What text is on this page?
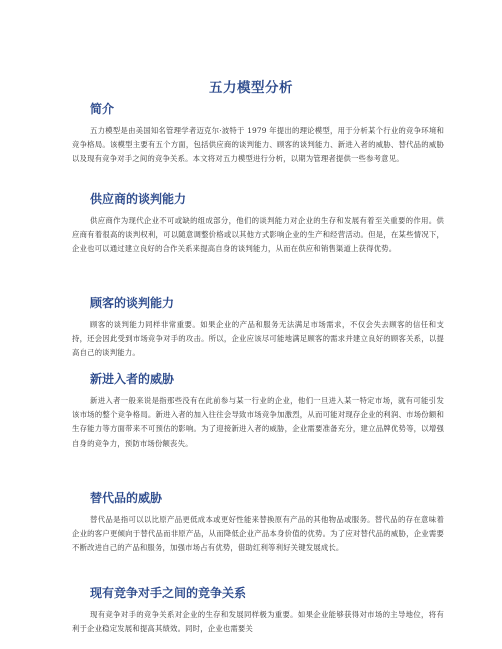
五力模型分析
简介

五力模型是由美国知名管理学者迈克尔·波特于 1979 年提出的理论模型，用于分析某个行业的竞争环境和竞争格局。该模型主要有五个方面，包括供应商的谈判能力、顾客的谈判能力、新进入者的威胁、替代品的威胁以及现有竞争对手之间的竞争关系。本文将对五力模型进行分析，以期为管理者提供一些参考意见。

供应商的谈判能力

供应商作为现代企业不可或缺的组成部分，他们的谈判能力对企业的生存和发展有着至关重要的作用。供应商有着很高的谈判权利，可以随意调整价格或以其他方式影响企业的生产和经营活动。但是，在某些情况下，企业也可以通过建立良好的合作关系来提高自身的谈判能力，从而在供应和销售渠道上获得优势。

顾客的谈判能力

顾客的谈判能力同样非常重要。如果企业的产品和服务无法满足市场需求，不仅会失去顾客的信任和支持，还会因此受到市场竞争对手的攻击。所以，企业应该尽可能地满足顾客的需求并建立良好的顾客关系，以提高自己的谈判能力。

新进入者的威胁

新进入者一般来说是指那些没有在此前参与某一行业的企业，他们一旦进入某一特定市场，就有可能引发该市场的整个竞争格局。新进入者的加入往往会导致市场竞争加激烈，从而可能对现存企业的利润、市场份额和生存能力等方面带来不可预估的影响。为了迎接新进入者的威胁，企业需要准备充分，建立品牌优势等，以增强自身的竞争力，预防市场份额丧失。

替代品的威胁

替代品是指可以以比原产品更低成本或更好性能来替换原有产品的其他物品或服务。替代品的存在意味着企业的客户更倾向于替代品而非原产品，从而降低企业产品本身价值的优势。为了应对替代品的威胁，企业需要不断改进自己的产品和服务，加强市场占有优势，借助红利等利好关键发展成长。

现有竞争对手之间的竞争关系

现有竞争对手的竞争关系对企业的生存和发展同样极为重要。如果企业能够获得对市场的主导地位，将有利于企业稳定发展和提高其绩效。同时，企业也需要关
